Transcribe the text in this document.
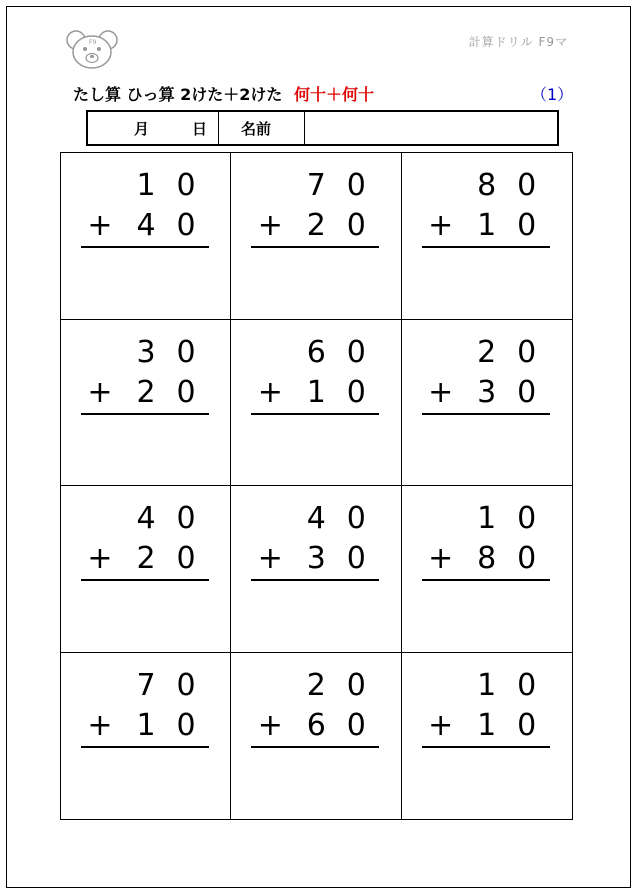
F9	計算ドリル F9マ
たし算 ひっ算 2けた＋2けた 何十＋何十	（1）
月	日	名前
1 0
+ 4 0
7 0
+ 2 0
8 0
+ 1 0
3 0
+ 2 0
6 0
+ 1 0
2 0
+ 3 0
4 0
+ 2 0
4 0
+ 3 0
1 0
+ 8 0
7 0
+ 1 0
2 0
+ 6 0
1 0
+ 1 0
